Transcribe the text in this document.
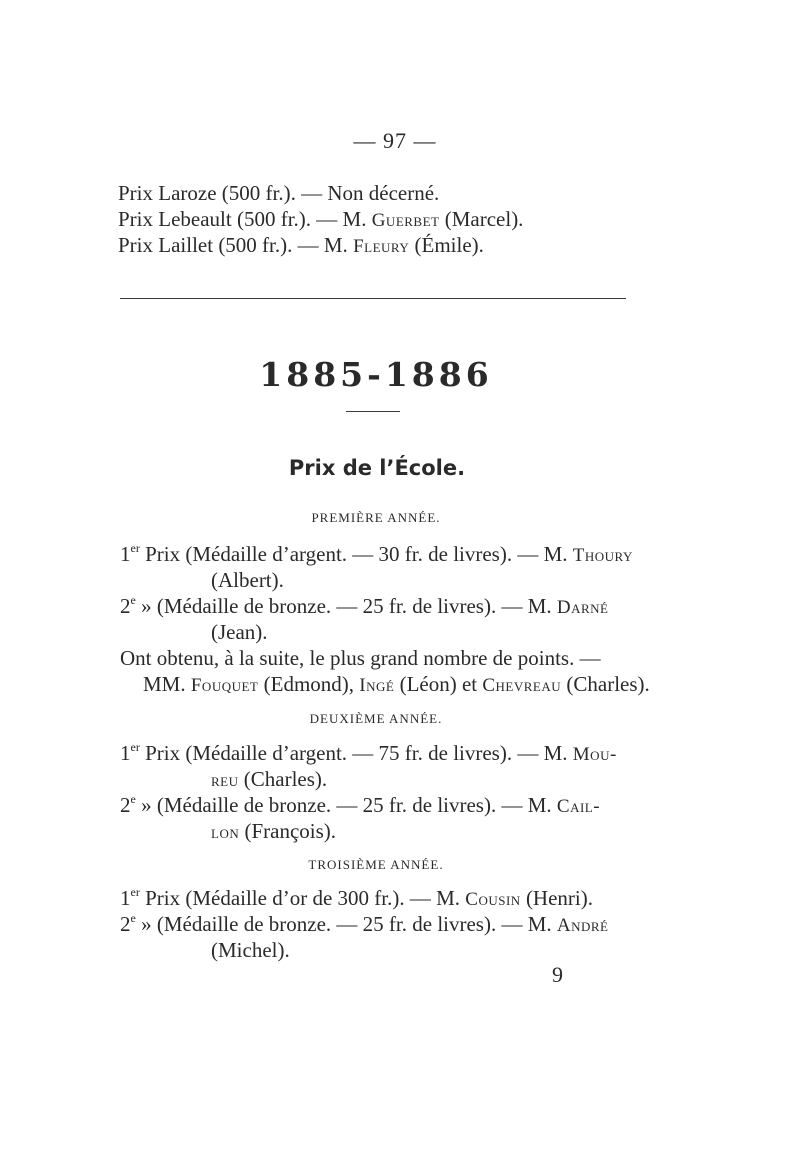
— 97 —
Prix Laroze (500 fr.). — Non décerné.
Prix Lebeault (500 fr.). — M. Guerbet (Marcel).
Prix Laillet (500 fr.). — M. Fleury (Émile).
1885-1886
Prix de l’École.
PREMIÈRE ANNÉE.
1er Prix (Médaille d’argent. — 30 fr. de livres). — M. Thoury
(Albert).
2e » (Médaille de bronze. — 25 fr. de livres). — M. Darné
(Jean).
Ont obtenu, à la suite, le plus grand nombre de points. —
MM. Fouquet (Edmond), Ingé (Léon) et Chevreau (Charles).
DEUXIÈME ANNÉE.
1er Prix (Médaille d’argent. — 75 fr. de livres). — M. Mou-
reu (Charles).
2e » (Médaille de bronze. — 25 fr. de livres). — M. Cail-
lon (François).
TROISIÈME ANNÉE.
1er Prix (Médaille d’or de 300 fr.). — M. Cousin (Henri).
2e » (Médaille de bronze. — 25 fr. de livres). — M. André
(Michel).
9
